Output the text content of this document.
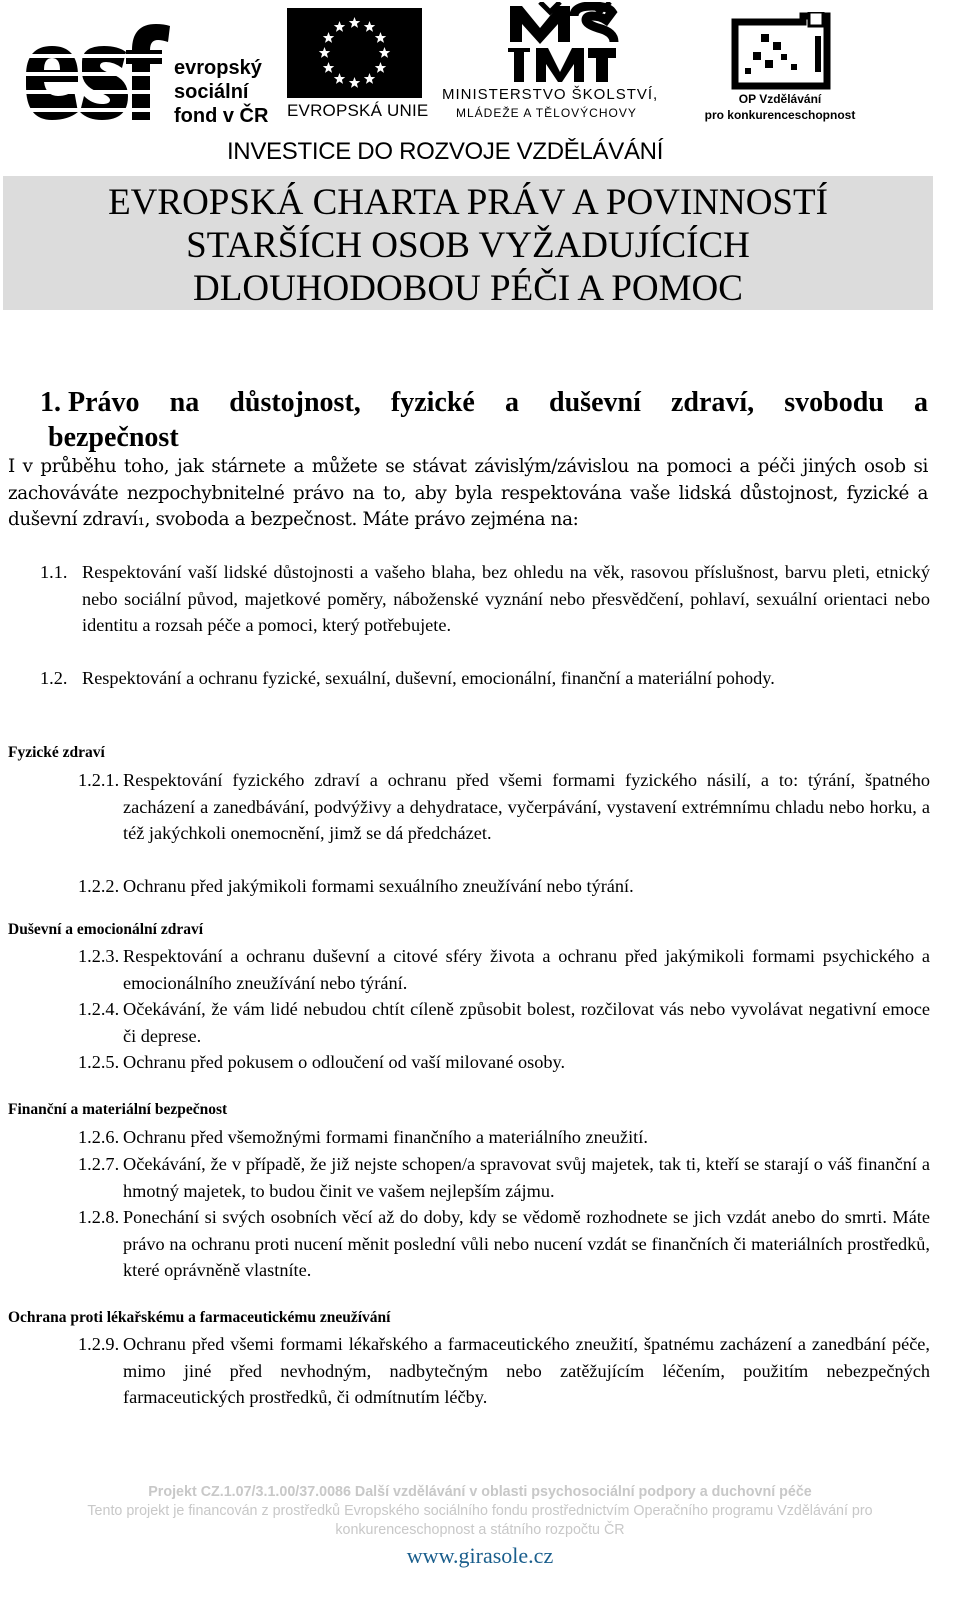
evropský
sociální
fond v ČR EVROPSKÁ UNIE
MINISTERSTVO ŠKOLSTVÍ,
MLÁDEŽE A TĚLOVÝCHOVY
OP Vzdělávání
pro konkurenceschopnost
INVESTICE DO ROZVOJE VZDĚLÁVÁNÍ
EVROPSKÁ CHARTA PRÁV A POVINNOSTÍ
STARŠÍCH OSOB VYŽADUJÍCÍCH
DLOUHODOBOU PÉČI A POMOC
1. Právo na důstojnost, fyzické a duševní zdraví, svobodu a
bezpečnost
I v průběhu toho, jak stárnete a můžete se stávat závislým/závislou na pomoci a péči jiných osob si zachováváte nezpochybnitelné právo na to, aby byla respektována vaše lidská důstojnost, fyzické a duševní zdraví₁, svoboda a bezpečnost. Máte právo zejména na:
1.1. Respektování vaší lidské důstojnosti a vašeho blaha, bez ohledu na věk, rasovou příslušnost, barvu pleti, etnický nebo sociální původ, majetkové poměry, náboženské vyznání nebo přesvědčení, pohlaví, sexuální orientaci nebo identitu a rozsah péče a pomoci, který potřebujete.
1.2. Respektování a ochranu fyzické, sexuální, duševní, emocionální, finanční a materiální pohody.
Fyzické zdraví
1.2.1. Respektování fyzického zdraví a ochranu před všemi formami fyzického násilí, a to: týrání, špatného zacházení a zanedbávání, podvýživy a dehydratace, vyčerpávání, vystavení extrémnímu chladu nebo horku, a též jakýchkoli onemocnění, jimž se dá předcházet.
1.2.2. Ochranu před jakýmikoli formami sexuálního zneužívání nebo týrání.
Duševní a emocionální zdraví
1.2.3. Respektování a ochranu duševní a citové sféry života a ochranu před jakýmikoli formami psychického a emocionálního zneužívání nebo týrání.
1.2.4. Očekávání, že vám lidé nebudou chtít cíleně způsobit bolest, rozčilovat vás nebo vyvolávat negativní emoce či deprese.
1.2.5. Ochranu před pokusem o odloučení od vaší milované osoby.
Finanční a materiální bezpečnost
1.2.6. Ochranu před všemožnými formami finančního a materiálního zneužití.
1.2.7. Očekávání, že v případě, že již nejste schopen/a spravovat svůj majetek, tak ti, kteří se starají o váš finanční a hmotný majetek, to budou činit ve vašem nejlepším zájmu.
1.2.8. Ponechání si svých osobních věcí až do doby, kdy se vědomě rozhodnete se jich vzdát anebo do smrti. Máte právo na ochranu proti nucení měnit poslední vůli nebo nucení vzdát se finančních či materiálních prostředků, které oprávněně vlastníte.
Ochrana proti lékařskému a farmaceutickému zneužívání
1.2.9. Ochranu před všemi formami lékařského a farmaceutického zneužití, špatnému zacházení a zanedbání péče, mimo jiné před nevhodným, nadbytečným nebo zatěžujícím léčením, použitím nebezpečných farmaceutických prostředků, či odmítnutím léčby.
Projekt CZ.1.07/3.1.00/37.0086 Další vzdělávání v oblasti psychosociální podpory a duchovní péče
Tento projekt je financován z prostředků Evropského sociálního fondu prostřednictvím Operačního programu Vzdělávání pro
konkurenceschopnost a státního rozpočtu ČR
www.girasole.cz
